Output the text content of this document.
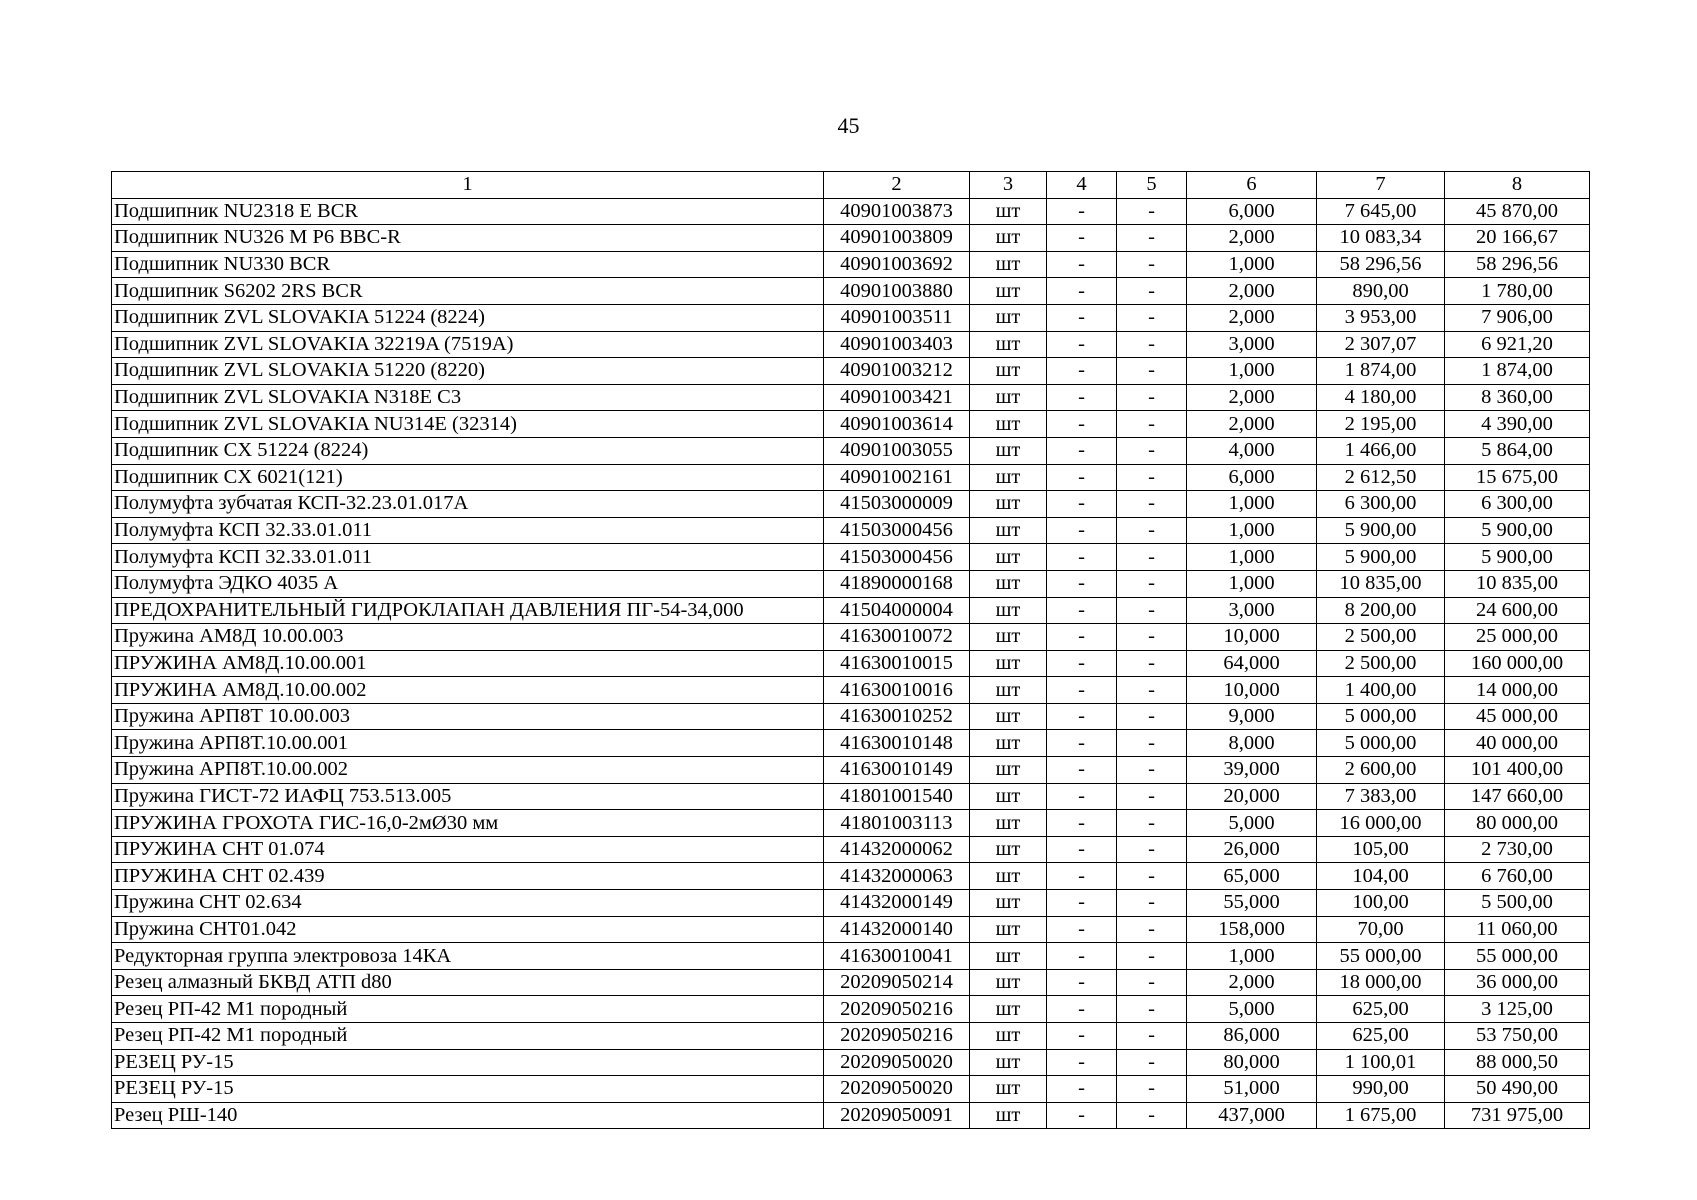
45
1	2	3	4	5	6	7	8
Подшипник NU2318 E BCR	40901003873	шт	-	-	6,000	7 645,00	45 870,00
Подшипник NU326 M P6 BBC-R	40901003809	шт	-	-	2,000	10 083,34	20 166,67
Подшипник NU330 BCR	40901003692	шт	-	-	1,000	58 296,56	58 296,56
Подшипник S6202 2RS BCR	40901003880	шт	-	-	2,000	890,00	1 780,00
Подшипник ZVL SLOVAKIA 51224 (8224)	40901003511	шт	-	-	2,000	3 953,00	7 906,00
Подшипник ZVL SLOVAKIA 32219A (7519A)	40901003403	шт	-	-	3,000	2 307,07	6 921,20
Подшипник ZVL SLOVAKIA 51220 (8220)	40901003212	шт	-	-	1,000	1 874,00	1 874,00
Подшипник ZVL SLOVAKIA N318E C3	40901003421	шт	-	-	2,000	4 180,00	8 360,00
Подшипник ZVL SLOVAKIA NU314E (32314)	40901003614	шт	-	-	2,000	2 195,00	4 390,00
Подшипник CX 51224 (8224)	40901003055	шт	-	-	4,000	1 466,00	5 864,00
Подшипник CX 6021(121)	40901002161	шт	-	-	6,000	2 612,50	15 675,00
Полумуфта зубчатая КСП-32.23.01.017А	41503000009	шт	-	-	1,000	6 300,00	6 300,00
Полумуфта КСП 32.33.01.011	41503000456	шт	-	-	1,000	5 900,00	5 900,00
Полумуфта КСП 32.33.01.011	41503000456	шт	-	-	1,000	5 900,00	5 900,00
Полумуфта ЭДКО 4035 А	41890000168	шт	-	-	1,000	10 835,00	10 835,00
ПРЕДОХРАНИТЕЛЬНЫЙ ГИДРОКЛАПАН ДАВЛЕНИЯ ПГ-54-34,000	41504000004	шт	-	-	3,000	8 200,00	24 600,00
Пружина АМ8Д 10.00.003	41630010072	шт	-	-	10,000	2 500,00	25 000,00
ПРУЖИНА АМ8Д.10.00.001	41630010015	шт	-	-	64,000	2 500,00	160 000,00
ПРУЖИНА АМ8Д.10.00.002	41630010016	шт	-	-	10,000	1 400,00	14 000,00
Пружина АРП8Т 10.00.003	41630010252	шт	-	-	9,000	5 000,00	45 000,00
Пружина АРП8Т.10.00.001	41630010148	шт	-	-	8,000	5 000,00	40 000,00
Пружина АРП8Т.10.00.002	41630010149	шт	-	-	39,000	2 600,00	101 400,00
Пружина ГИСТ-72 ИАФЦ 753.513.005	41801001540	шт	-	-	20,000	7 383,00	147 660,00
ПРУЖИНА ГРОХОТА ГИС-16,0-2мØ30 мм	41801003113	шт	-	-	5,000	16 000,00	80 000,00
ПРУЖИНА СНТ 01.074	41432000062	шт	-	-	26,000	105,00	2 730,00
ПРУЖИНА СНТ 02.439	41432000063	шт	-	-	65,000	104,00	6 760,00
Пружина СНТ 02.634	41432000149	шт	-	-	55,000	100,00	5 500,00
Пружина СНТ01.042	41432000140	шт	-	-	158,000	70,00	11 060,00
Редукторная группа электровоза 14КА	41630010041	шт	-	-	1,000	55 000,00	55 000,00
Резец алмазный БКВД АТП d80	20209050214	шт	-	-	2,000	18 000,00	36 000,00
Резец РП-42 М1 породный	20209050216	шт	-	-	5,000	625,00	3 125,00
Резец РП-42 М1 породный	20209050216	шт	-	-	86,000	625,00	53 750,00
РЕЗЕЦ РУ-15	20209050020	шт	-	-	80,000	1 100,01	88 000,50
РЕЗЕЦ РУ-15	20209050020	шт	-	-	51,000	990,00	50 490,00
Резец РШ-140	20209050091	шт	-	-	437,000	1 675,00	731 975,00
